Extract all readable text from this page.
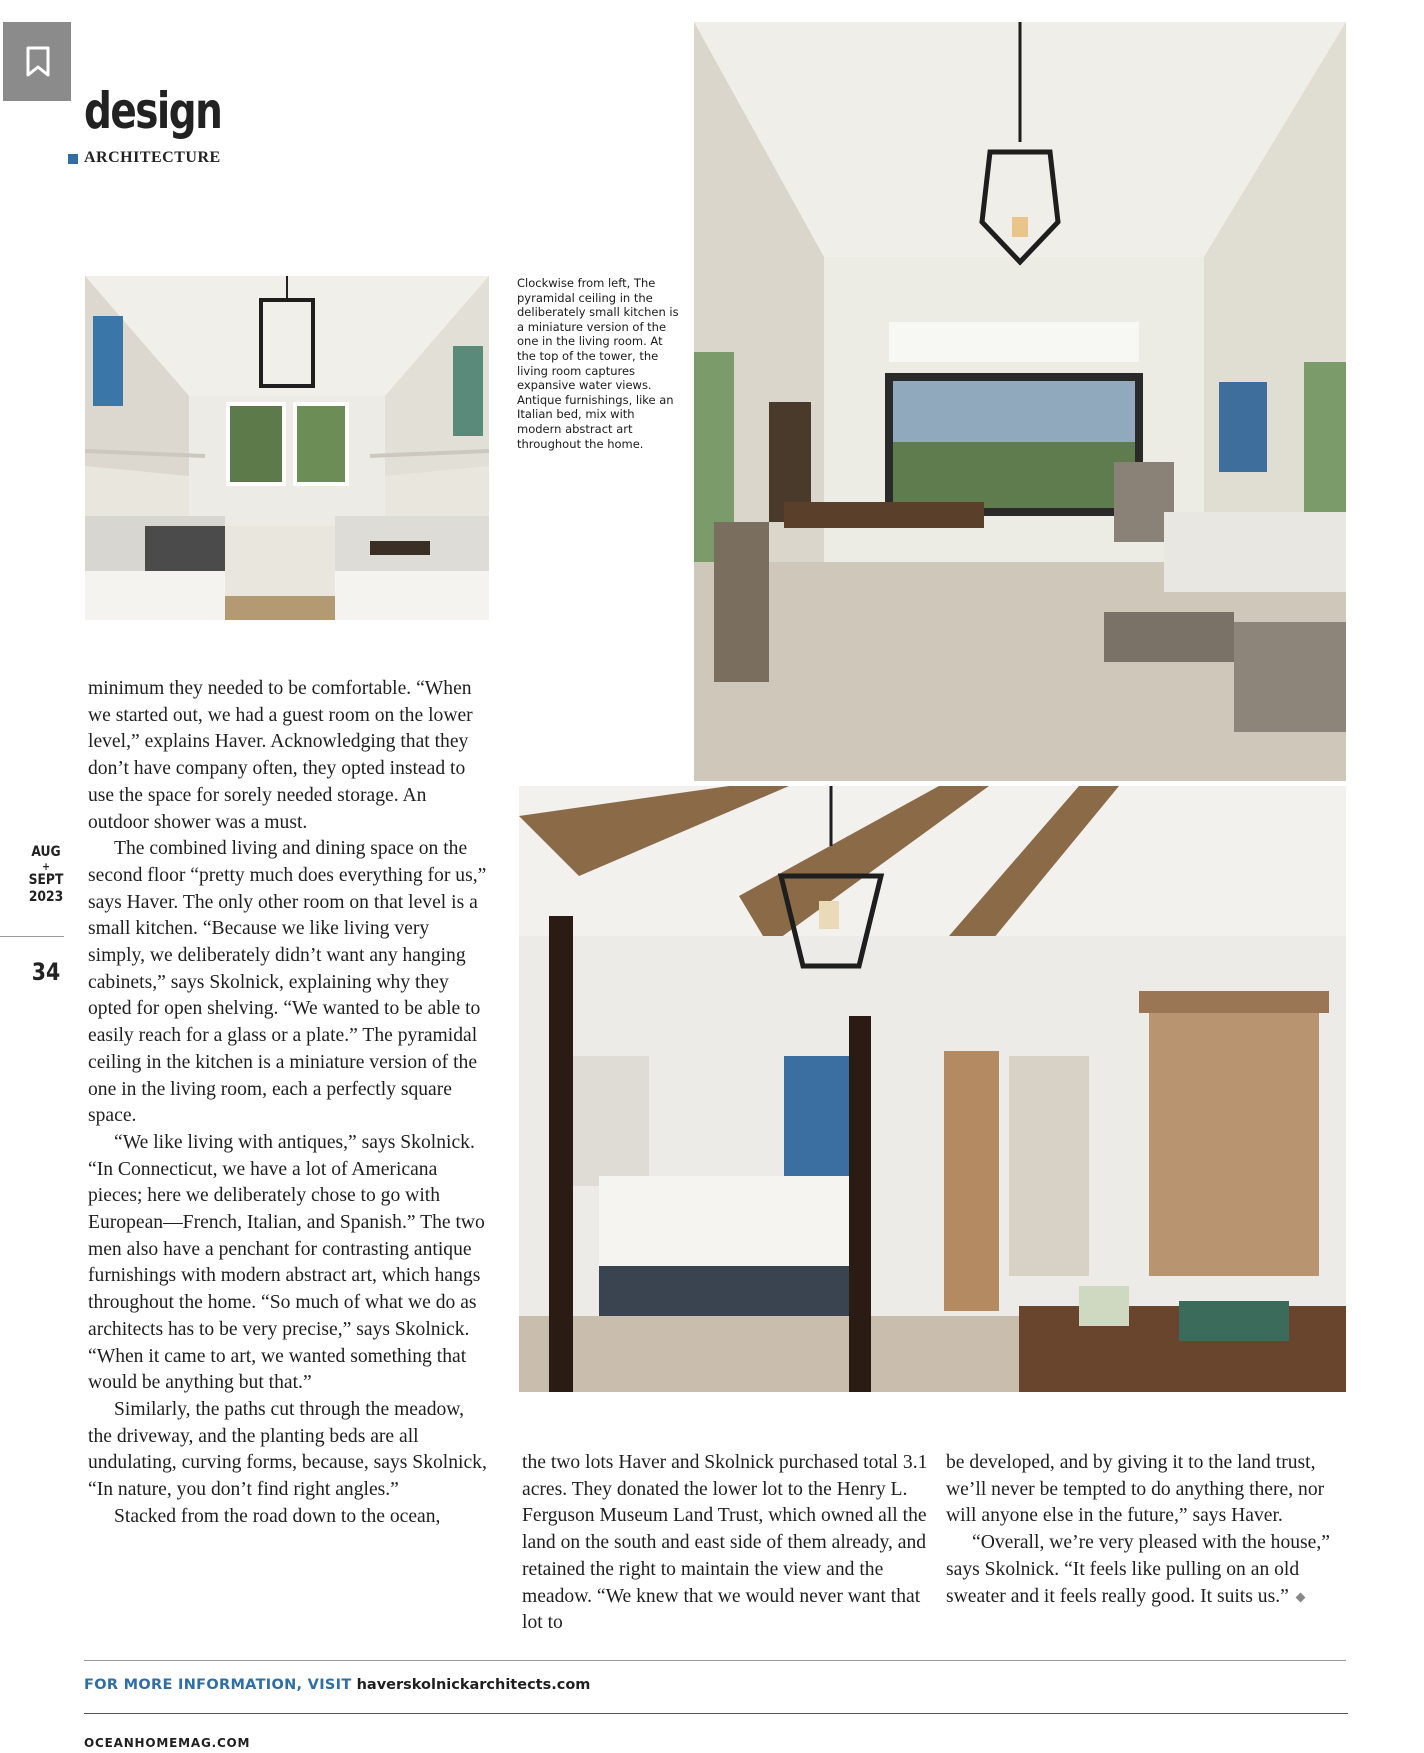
design
ARCHITECTURE
Clockwise from left, The pyramidal ceiling in the deliberately small kitchen is a miniature version of the one in the living room. At the top of the tower, the living room captures expansive water views. Antique furnishings, like an Italian bed, mix with modern abstract art throughout the home.
AUG
+
SEPT
2023
34

minimum they needed to be comfortable. “When we started out, we had a guest room on the lower level,” explains Haver. Acknowledging that they don’t have company often, they opted instead to use the space for sorely needed storage. An outdoor shower was a must.

The combined living and dining space on the second floor “pretty much does everything for us,” says Haver. The only other room on that level is a small kitchen. “Because we like living very simply, we deliberately didn’t want any hanging cabinets,” says Skolnick, explaining why they opted for open shelving. “We wanted to be able to easily reach for a glass or a plate.” The pyramidal ceiling in the kitchen is a miniature version of the one in the living room, each a perfectly square space.

“We like living with antiques,” says Skolnick. “In Connecticut, we have a lot of Americana pieces; here we deliberately chose to go with European—French, Italian, and Spanish.” The two men also have a penchant for contrasting antique furnishings with modern abstract art, which hangs throughout the home. “So much of what we do as architects has to be very precise,” says Skolnick. “When it came to art, we wanted something that would be anything but that.”

Similarly, the paths cut through the meadow, the driveway, and the planting beds are all undulating, curving forms, because, says Skolnick, “In nature, you don’t find right angles.”

Stacked from the road down to the ocean,

the two lots Haver and Skolnick purchased total 3.1 acres. They donated the lower lot to the Henry L. Ferguson Museum Land Trust, which owned all the land on the south and east side of them already, and retained the right to maintain the view and the meadow. “We knew that we would never want that lot to

be developed, and by giving it to the land trust, we’ll never be tempted to do anything there, nor will anyone else in the future,” says Haver.

“Overall, we’re very pleased with the house,” says Skolnick. “It feels like pulling on an old sweater and it feels really good. It suits us.”

FOR MORE INFORMATION, VISIT haverskolnickarchitects.com
OCEANHOMEMAG.COM
